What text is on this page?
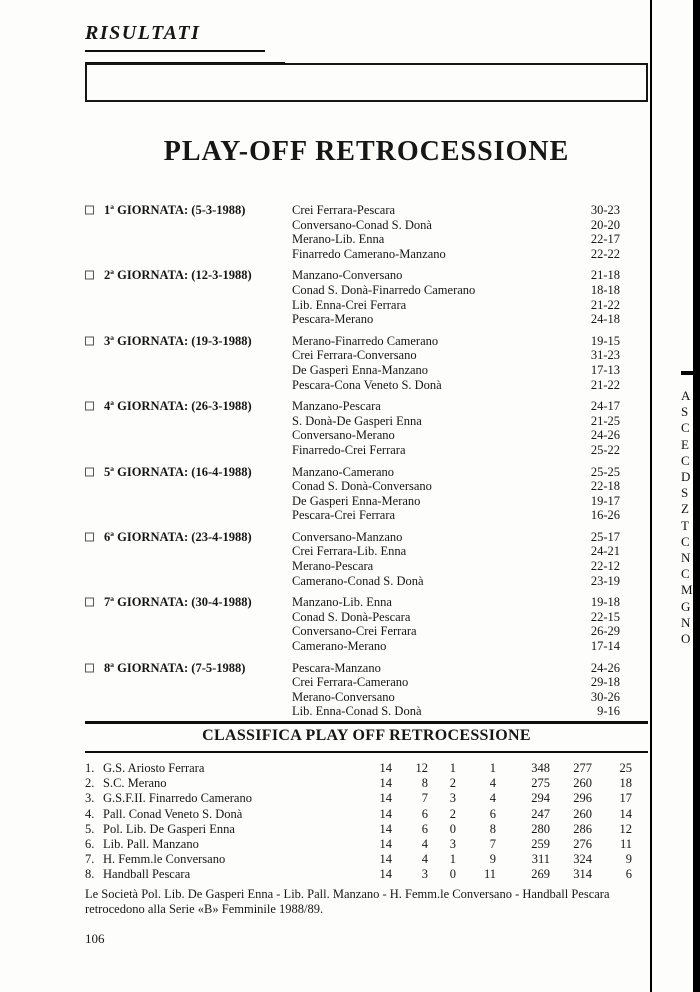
RISULTATI
PLAY-OFF RETROCESSIONE
1ª GIORNATA: (5-3-1988)	Crei Ferrara-Pescara	30-23
Conversano-Conad S. Donà	20-20
Merano-Lib. Enna	22-17
Finarredo Camerano-Manzano	22-22
2ª GIORNATA: (12-3-1988)	Manzano-Conversano	21-18
Conad S. Donà-Finarredo Camerano	18-18
Lib. Enna-Crei Ferrara	21-22
Pescara-Merano	24-18
3ª GIORNATA: (19-3-1988)	Merano-Finarredo Camerano	19-15
Crei Ferrara-Conversano	31-23
De Gasperi Enna-Manzano	17-13
Pescara-Cona Veneto S. Donà	21-22
4ª GIORNATA: (26-3-1988)	Manzano-Pescara	24-17
S. Donà-De Gasperi Enna	21-25
Conversano-Merano	24-26
Finarredo-Crei Ferrara	25-22
5ª GIORNATA: (16-4-1988)	Manzano-Camerano	25-25
Conad S. Donà-Conversano	22-18
De Gasperi Enna-Merano	19-17
Pescara-Crei Ferrara	16-26
6ª GIORNATA: (23-4-1988)	Conversano-Manzano	25-17
Crei Ferrara-Lib. Enna	24-21
Merano-Pescara	22-12
Camerano-Conad S. Donà	23-19
7ª GIORNATA: (30-4-1988)	Manzano-Lib. Enna	19-18
Conad S. Donà-Pescara	22-15
Conversano-Crei Ferrara	26-29
Camerano-Merano	17-14
8ª GIORNATA: (7-5-1988)	Pescara-Manzano	24-26
Crei Ferrara-Camerano	29-18
Merano-Conversano	30-26
Lib. Enna-Conad S. Donà	9-16
CLASSIFICA PLAY OFF RETROCESSIONE
1. G.S. Ariosto Ferrara	14	12	1	1	348	277	25
2. S.C. Merano	14	8	2	4	275	260	18
3. G.S.F.II. Finarredo Camerano	14	7	3	4	294	296	17
4. Pall. Conad Veneto S. Donà	14	6	2	6	247	260	14
5. Pol. Lib. De Gasperi Enna	14	6	0	8	280	286	12
6. Lib. Pall. Manzano	14	4	3	7	259	276	11
7. H. Femm.le Conversano	14	4	1	9	311	324	9
8. Handball Pescara	14	3	0	11	269	314	6

Le Società Pol. Lib. De Gasperi Enna - Lib. Pall. Manzano - H. Femm.le Conversano - Handball Pescara retrocedono alla Serie «B» Femminile 1988/89.

106
A
S
C
E
C
D
S
Z
T
C
N
C
M
G
N
O
